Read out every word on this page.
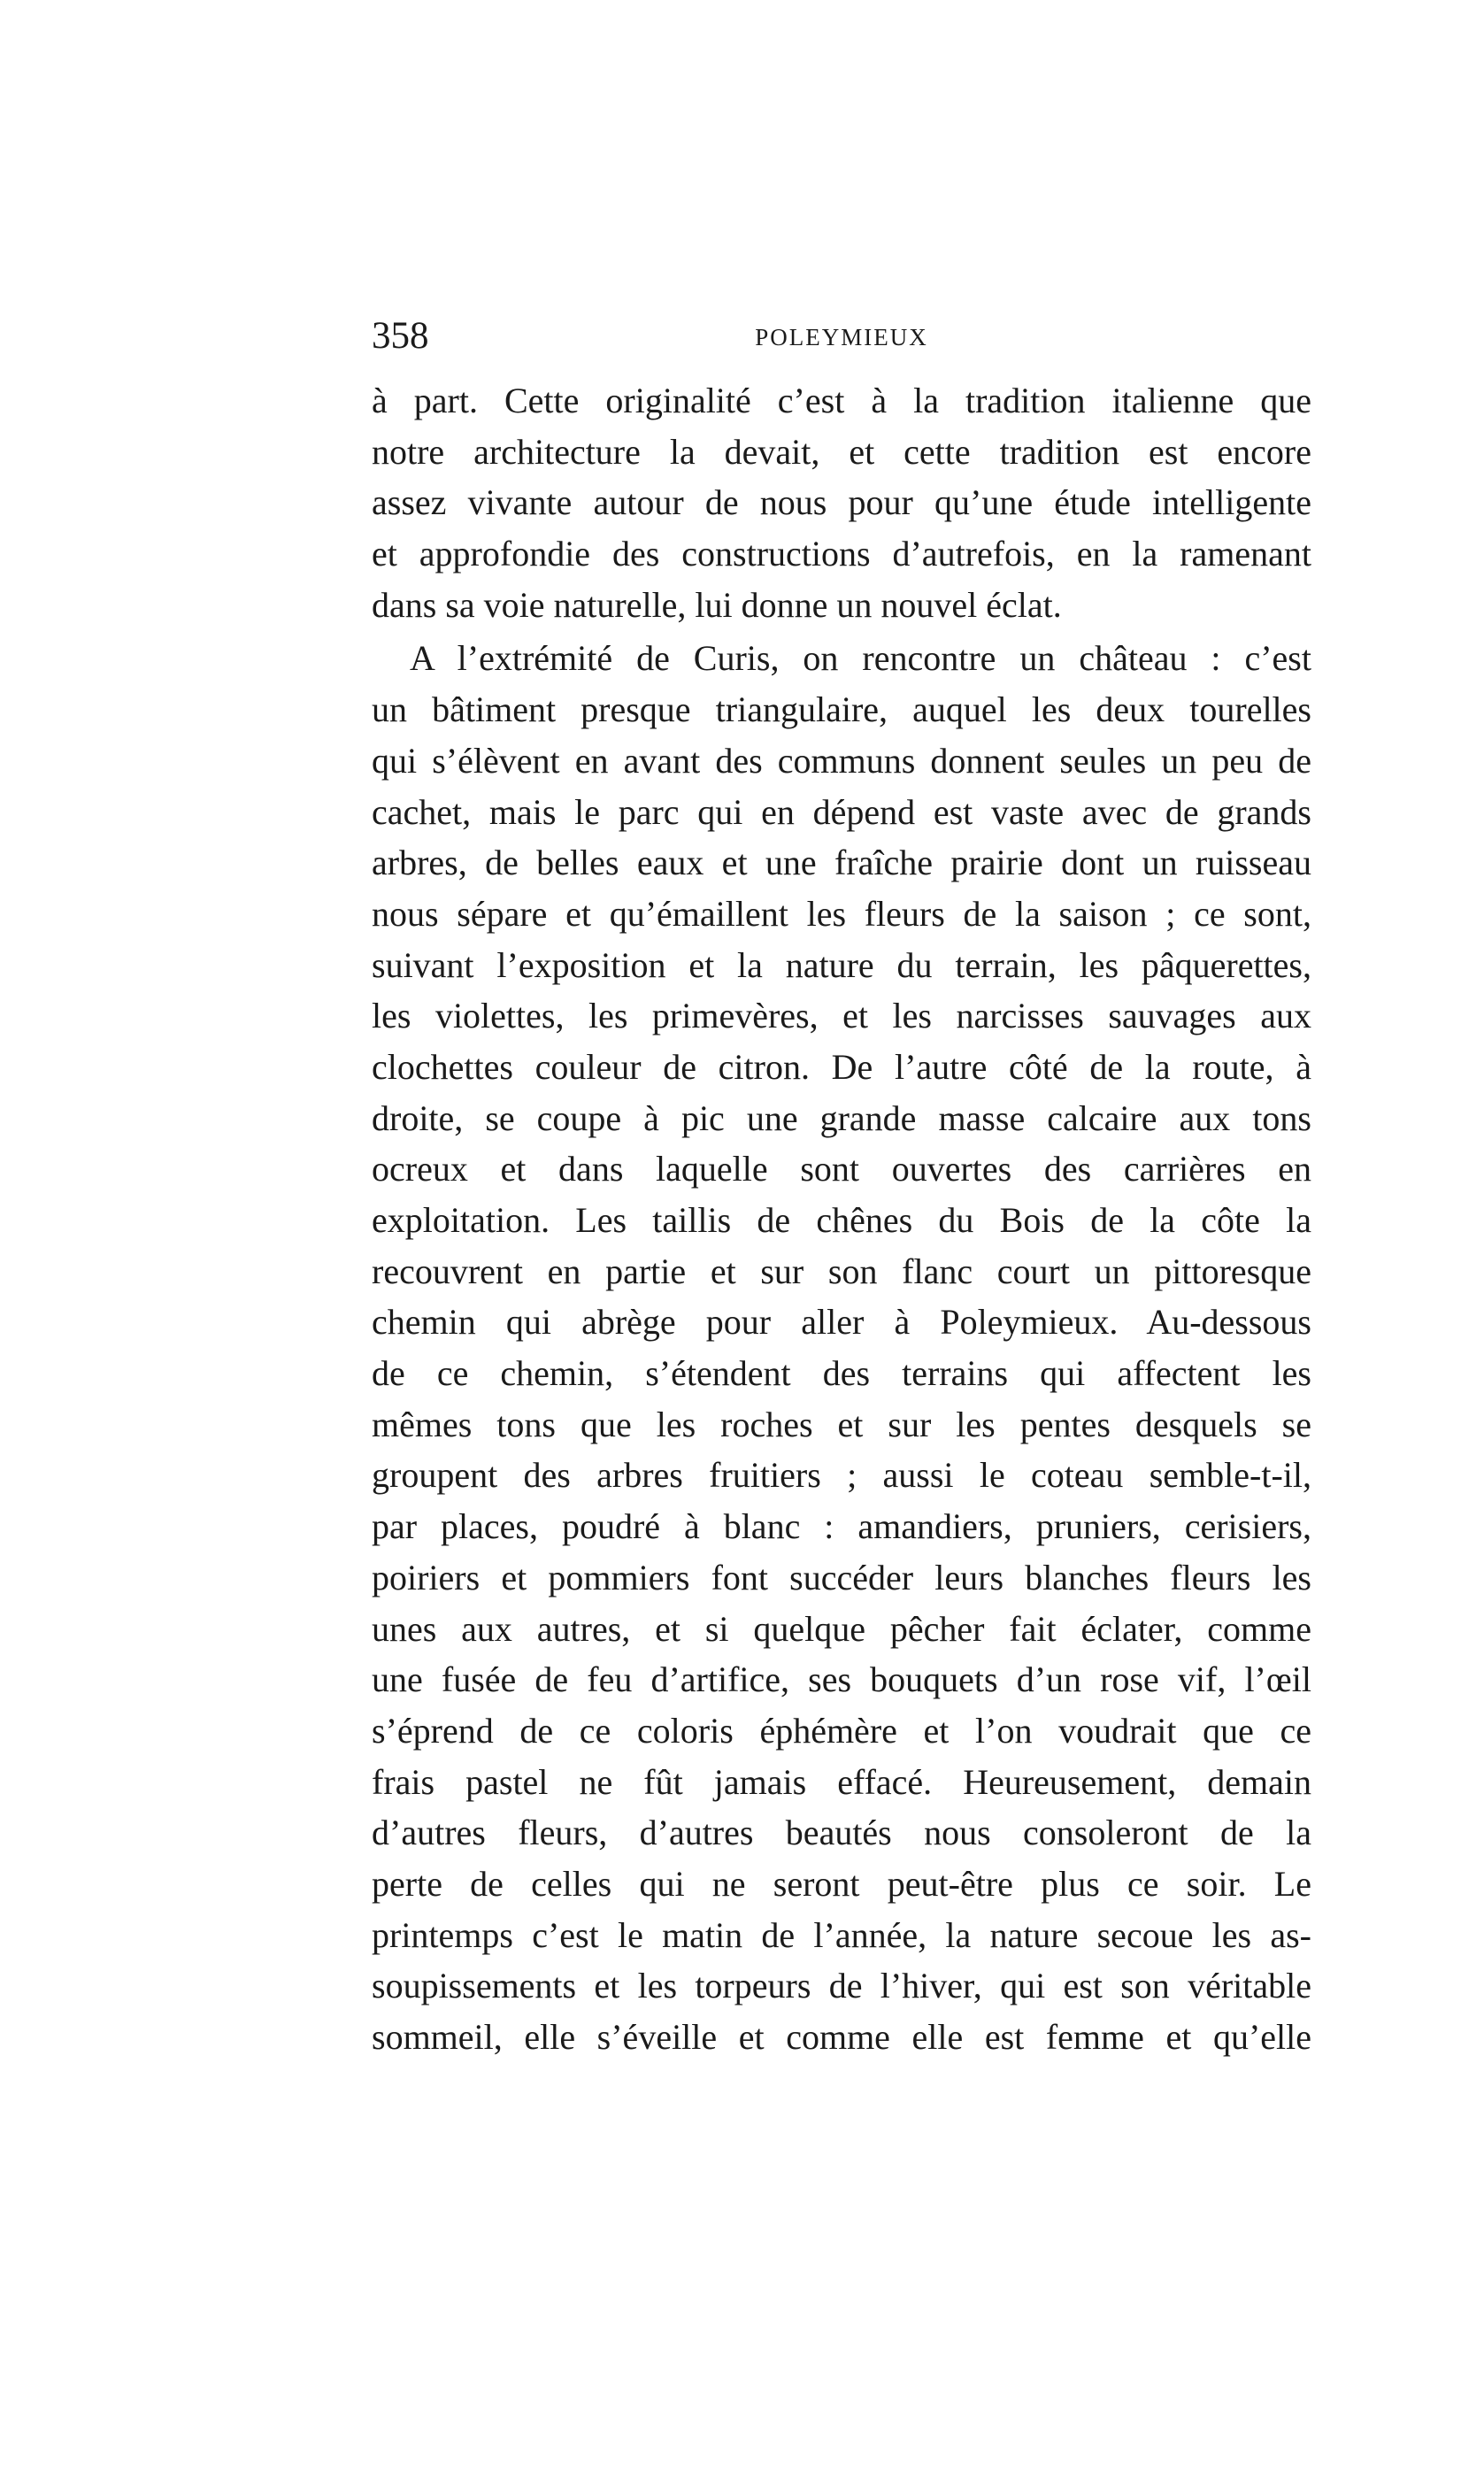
358	POLEYMIEUX
à part. Cette originalité c’est à la tradition italienne que
notre architecture la devait, et cette tradition est encore
assez vivante autour de nous pour qu’une étude intelligente
et approfondie des constructions d’autrefois, en la ramenant
dans sa voie naturelle, lui donne un nouvel éclat.
A l’extrémité de Curis, on rencontre un château : c’est
un bâtiment presque triangulaire, auquel les deux tourelles
qui s’élèvent en avant des communs donnent seules un peu de
cachet, mais le parc qui en dépend est vaste avec de grands
arbres, de belles eaux et une fraîche prairie dont un ruisseau
nous sépare et qu’émaillent les fleurs de la saison ; ce sont,
suivant l’exposition et la nature du terrain, les pâquerettes,
les violettes, les primevères, et les narcisses sauvages aux
clochettes couleur de citron. De l’autre côté de la route, à
droite, se coupe à pic une grande masse calcaire aux tons
ocreux et dans laquelle sont ouvertes des carrières en
exploitation. Les taillis de chênes du Bois de la côte la
recouvrent en partie et sur son flanc court un pittoresque
chemin qui abrège pour aller à Poleymieux. Au-dessous
de ce chemin, s’étendent des terrains qui affectent les
mêmes tons que les roches et sur les pentes desquels se
groupent des arbres fruitiers ; aussi le coteau semble-t-il,
par places, poudré à blanc : amandiers, pruniers, cerisiers,
poiriers et pommiers font succéder leurs blanches fleurs les
unes aux autres, et si quelque pêcher fait éclater, comme
une fusée de feu d’artifice, ses bouquets d’un rose vif, l’œil
s’éprend de ce coloris éphémère et l’on voudrait que ce
frais pastel ne fût jamais effacé. Heureusement, demain
d’autres fleurs, d’autres beautés nous consoleront de la
perte de celles qui ne seront peut-être plus ce soir. Le
printemps c’est le matin de l’année, la nature secoue les as-
soupissements et les torpeurs de l’hiver, qui est son véritable
sommeil, elle s’éveille et comme elle est femme et qu’elle
